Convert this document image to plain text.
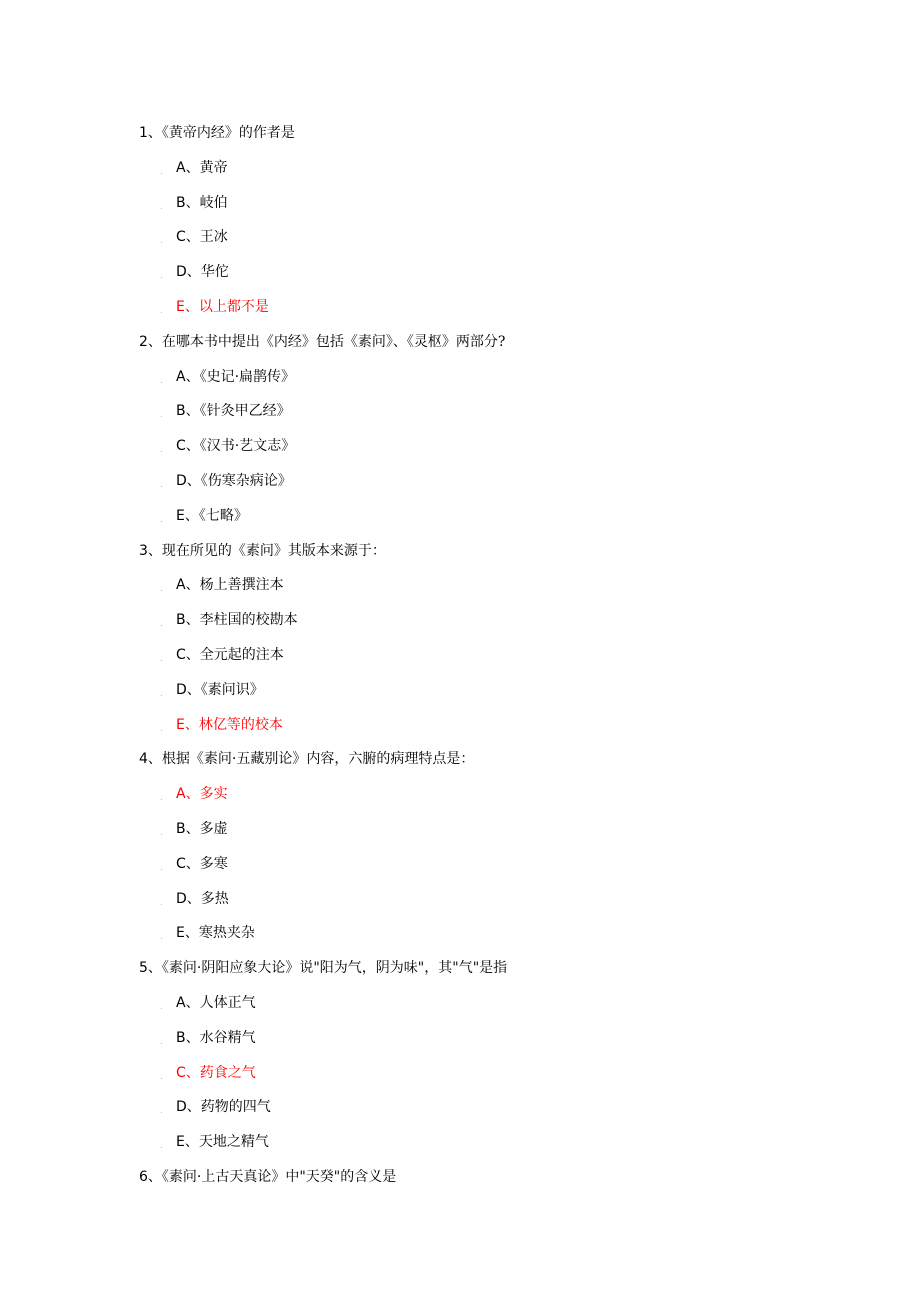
1、《黄帝内经》的作者是
. A、黄帝
. B、岐伯
. C、王冰
. D、华佗
. E、以上都不是
2、在哪本书中提出《内经》包括《素问》、《灵枢》两部分?
. A、《史记·扁鹊传》
. B、《针灸甲乙经》
. C、《汉书·艺文志》
. D、《伤寒杂病论》
. E、《七略》
3、现在所见的《素问》其版本来源于：
. A、杨上善撰注本
. B、李柱国的校勘本
. C、全元起的注本
. D、《素问识》
. E、林亿等的校本
4、根据《素问·五藏别论》内容，六腑的病理特点是：
. A、多实
. B、多虚
. C、多寒
. D、多热
. E、寒热夹杂
5、《素问·阴阳应象大论》说"阳为气，阴为味"，其"气"是指
. A、人体正气
. B、水谷精气
. C、药食之气
. D、药物的四气
. E、天地之精气
6、《素问·上古天真论》中"天癸"的含义是
